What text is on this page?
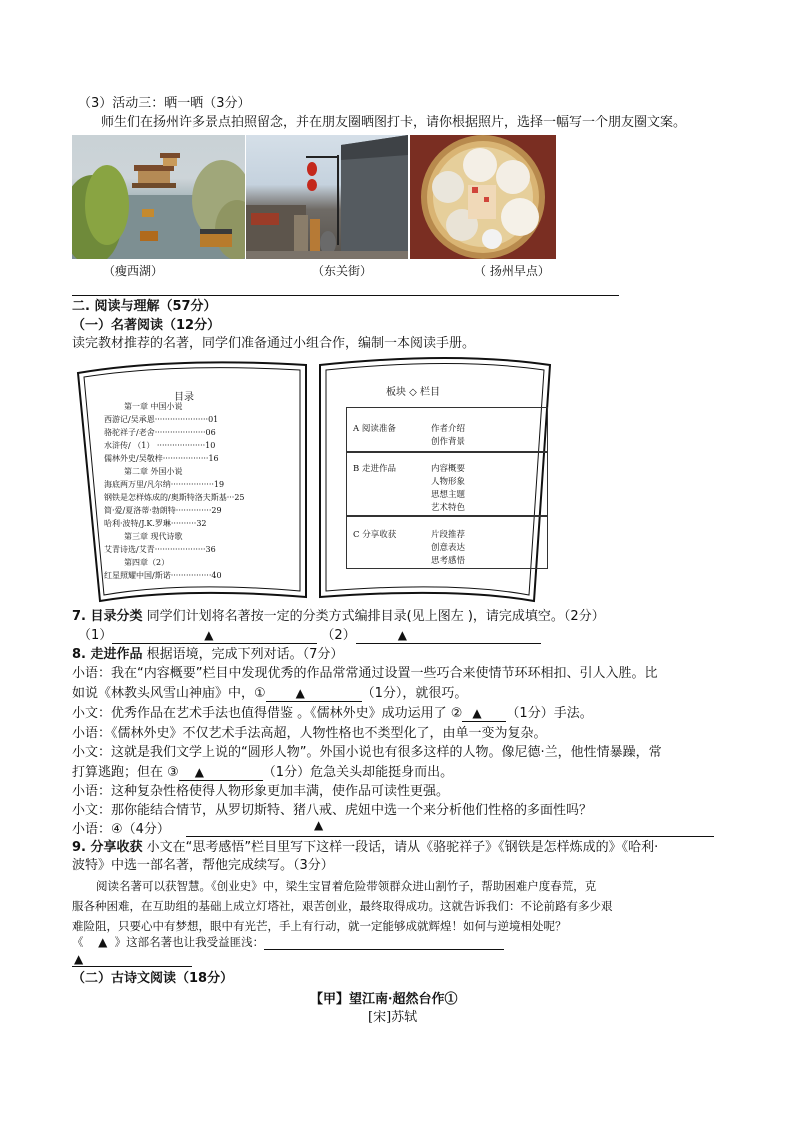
（3）活动三：晒一晒（3分）
师生们在扬州许多景点拍照留念，并在朋友圈晒图打卡，请你根据照片，选择一幅写一个朋友圈文案。
（瘦西湖）	（东关街）	（ 扬州早点）
二. 阅读与理解（57分）
（一）名著阅读（12分）
读完教材推荐的名著，同学们准备通过小组合作，编制一本阅读手册。
目录
第一章 中国小说
西游记/吴承恩·····················01
骆驼祥子/老舍····················06
水浒传/ （1） ···················10
儒林外史/吴敬梓··················16
第二章 外国小说
海底两万里/凡尔纳·················19
钢铁是怎样炼成的/奥斯特洛夫斯基···25
简·爱/夏洛蒂·勃朗特··············29
哈利·波特/J.K.罗琳··········32
第三章 现代诗歌
艾青诗选/艾青····················36
第四章（2）
红星照耀中国/斯诺················40
板块 ◇ 栏目
A 阅读准备	作者介绍
创作背景
B 走进作品	内容概要
人物形象
思想主题
艺术特色
C 分享收获	片段推荐
创意表达
思考感悟
7. 目录分类 同学们计划将名著按一定的分类方式编排目录(见上图左 )，请完成填空。（2分）
（1）	▲	（2）	▲
8. 走进作品 根据语境，完成下列对话。（7分）
小语：我在“内容概要”栏目中发现优秀的作品常常通过设置一些巧合来使情节环环相扣、引人入胜。比
如说《林教头风雪山神庙》中，①	▲	（1分），就很巧。
小文：优秀作品在艺术手法也值得借鉴 。《儒林外史》成功运用了 ② ▲ （1分）手法。
小语：《儒林外史》不仅艺术手法高超，人物性格也不类型化了，由单一变为复杂。
小文：这就是我们文学上说的“圆形人物”。外国小说也有很多这样的人物。像尼德·兰，他性情暴躁，常
打算逃跑；但在 ③ ▲	（1分）危急关头却能挺身而出。
小语：这种复杂性格使得人物形象更加丰满，使作品可读性更强。
小文：那你能结合情节，从罗切斯特、猪八戒、虎妞中选一个来分析他们性格的多面性吗？
小语：④（4分）	▲
9. 分享收获 小文在“思考感悟”栏目里写下这样一段话，请从《骆驼祥子》《钢铁是怎样炼成的》《哈利·
波特》中选一部名著，帮他完成续写。（3分）
阅读名著可以获智慧。《创业史》中，梁生宝冒着危险带领群众进山割竹子，帮助困难户度春荒，克
服各种困难，在互助组的基础上成立灯塔社，艰苦创业，最终取得成功。这就告诉我们：不论前路有多少艰
难险阻，只要心中有梦想，眼中有光芒，手上有行动，就一定能够成就辉煌！如何与逆境相处呢？
《 ▲ 》这部名著也让我受益匪浅：
▲
（二）古诗文阅读（18分）
【甲】望江南·超然台作①
[宋]苏轼
